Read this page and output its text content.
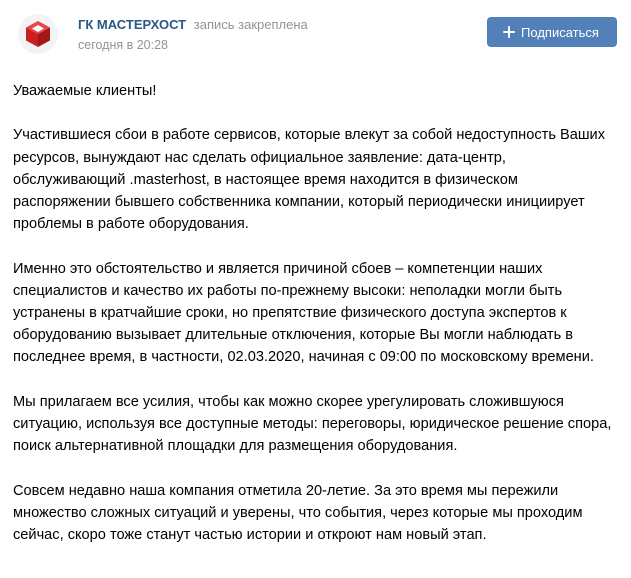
ГК МАСТЕРХОСТ запись закреплена
сегодня в 20:28
Подписаться

Уважаемые клиенты!

Участившиеся сбои в работе сервисов, которые влекут за собой недоступность Ваших ресурсов, вынуждают нас сделать официальное заявление: дата-центр, обслуживающий .masterhost, в настоящее время находится в физическом распоряжении бывшего собственника компании, который периодически инициирует проблемы в работе оборудования.

Именно это обстоятельство и является причиной сбоев – компетенции наших специалистов и качество их работы по-прежнему высоки: неполадки могли быть устранены в кратчайшие сроки, но препятствие физического доступа экспертов к оборудованию вызывает длительные отключения, которые Вы могли наблюдать в последнее время, в частности, 02.03.2020, начиная с 09:00 по московскому времени.

Мы прилагаем все усилия, чтобы как можно скорее урегулировать сложившуюся ситуацию, используя все доступные методы: переговоры, юридическое решение спора, поиск альтернативной площадки для размещения оборудования.

Совсем недавно наша компания отметила 20-летие. За это время мы пережили множество сложных ситуаций и уверены, что события, через которые мы проходим сейчас, скоро тоже станут частью истории и откроют нам новый этап.
